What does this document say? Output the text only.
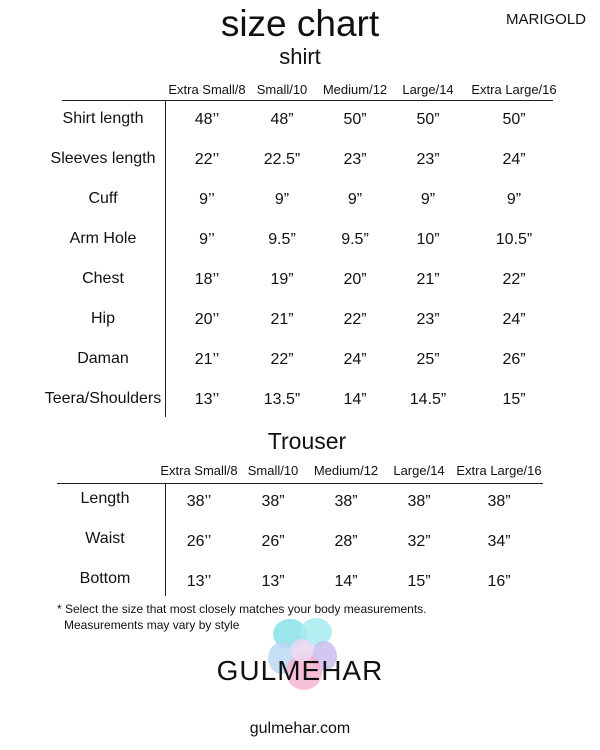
size chart	MARIGOLD
shirt
Extra Small/8 Small/10 Medium/12 Large/14 Extra Large/16
Shirt length	48’’	48”	50”	50”	50”
Sleeves length 22’’	22.5”	23”	23”	24”
Cuff	9’’	9”	9”	9”	9”
Arm Hole	9’’	9.5”	9.5”	10”	10.5”
Chest	18’’	19”	20”	21”	22”
Hip	20’’	21”	22”	23”	24”
Daman	21’’	22”	24”	25”	26”
Teera/Shoulders 13’’	13.5”	14”	14.5”	15”
Trouser
Extra Small/8 Small/10 Medium/12 Large/14 Extra Large/16
Length	38’’	38”	38”	38”	38”
Waist	26’’	26”	28”	32”	34”
Bottom	13’’	13”	14”	15”	16”
* Select the size that most closely matches your body measurements.
Measurements may vary by style
GULMEHAR
gulmehar.com
